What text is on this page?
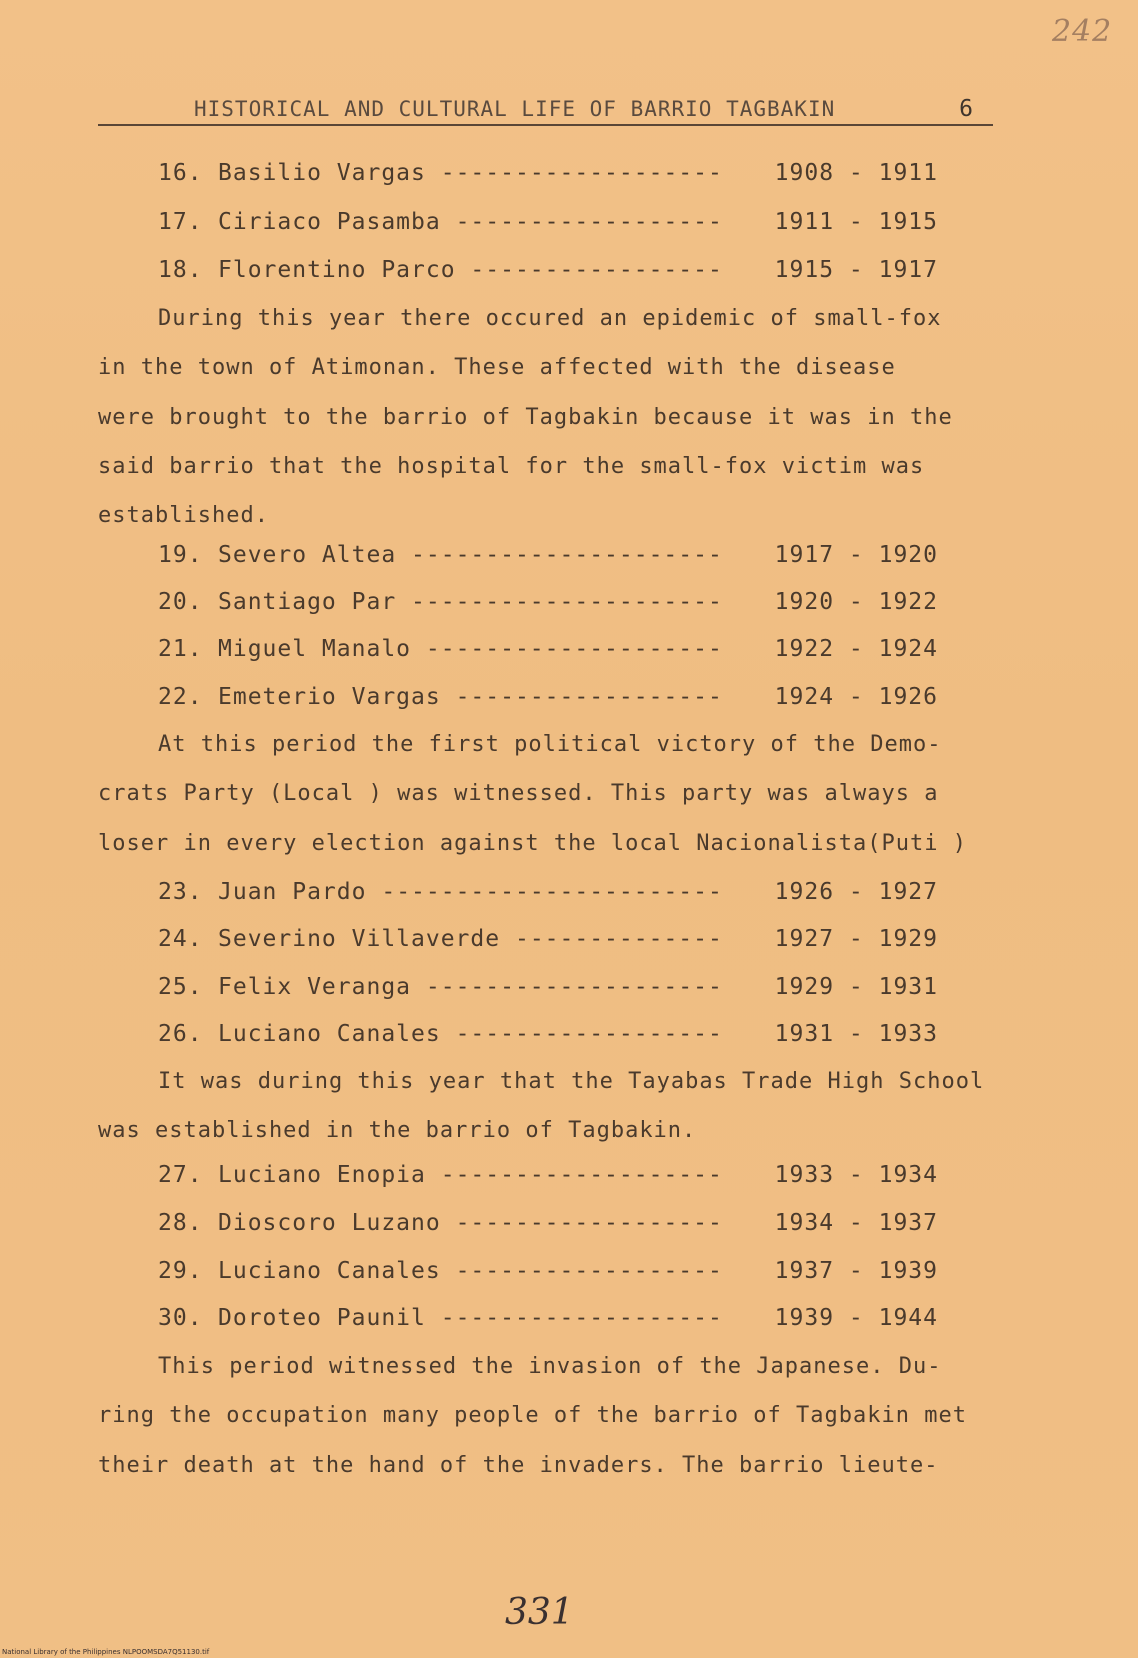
242
HISTORICAL AND CULTURAL LIFE OF BARRIO TAGBAKIN	6
16. Basilio Vargas ------------------- 1908 - 1911
17. Ciriaco Pasamba ------------------ 1911 - 1915
18. Florentino Parco ----------------- 1915 - 1917

During this year there occured an epidemic of small-fox

in the town of Atimonan. These affected with the disease

were brought to the barrio of Tagbakin because it was in the

said barrio that the hospital for the small-fox victim was

established.

19. Severo Altea --------------------- 1917 - 1920
20. Santiago Par --------------------- 1920 - 1922
21. Miguel Manalo -------------------- 1922 - 1924
22. Emeterio Vargas ------------------ 1924 - 1926

At this period the first political victory of the Demo-

crats Party (Local ) was witnessed. This party was always a

loser in every election against the local Nacionalista(Puti )

23. Juan Pardo ----------------------- 1926 - 1927
24. Severino Villaverde -------------- 1927 - 1929
25. Felix Veranga -------------------- 1929 - 1931
26. Luciano Canales ------------------ 1931 - 1933

It was during this year that the Tayabas Trade High School

was established in the barrio of Tagbakin.

27. Luciano Enopia ------------------- 1933 - 1934
28. Dioscoro Luzano ------------------ 1934 - 1937
29. Luciano Canales ------------------ 1937 - 1939
30. Doroteo Paunil ------------------- 1939 - 1944

This period witnessed the invasion of the Japanese. Du-

ring the occupation many people of the barrio of Tagbakin met

their death at the hand of the invaders. The barrio lieute-

331
National Library of the Philippines NLPOOMSDA7Q51130.tif
